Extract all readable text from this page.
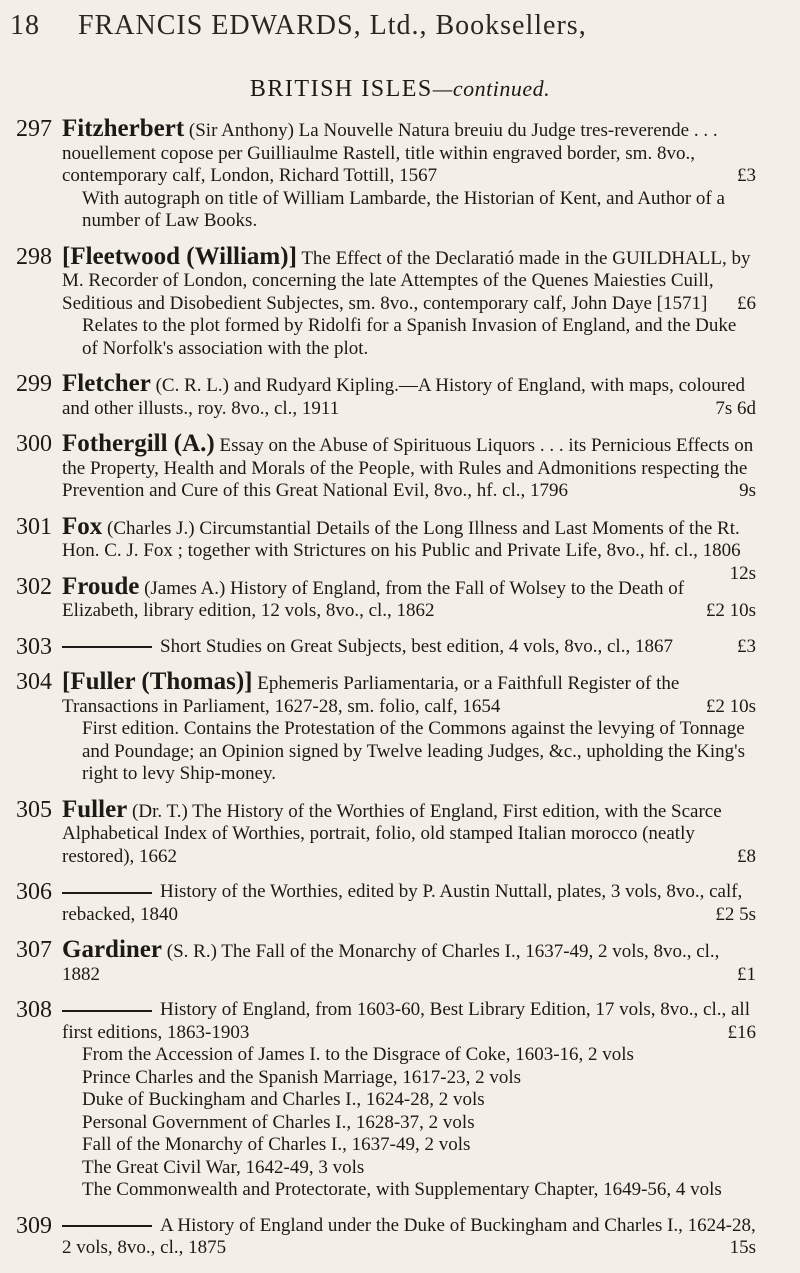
18 FRANCIS EDWARDS, Ltd., Booksellers,
BRITISH ISLES—continued.
297 Fitzherbert (Sir Anthony) La Nouvelle Natura breuiu du Judge tres-reverende . . . nouellement copose per Guilliaulme Rastell, title within engraved border, sm. 8vo., contemporary calf, London, Richard Tottill, 1567	£3
With autograph on title of William Lambarde, the Historian of Kent, and Author of a number of Law Books.
298 [Fleetwood (William)] The Effect of the Declaratió made in the GUILDHALL, by M. Recorder of London, concerning the late Attemptes of the Quenes Maiesties Cuill, Seditious and Disobedient Subjectes, sm. 8vo., contemporary calf, John Daye [1571] £6
Relates to the plot formed by Ridolfi for a Spanish Invasion of England, and the Duke of Norfolk's association with the plot.
299 Fletcher (C. R. L.) and Rudyard Kipling.—A History of England, with maps, coloured and other illusts., roy. 8vo., cl., 1911	7s 6d
300 Fothergill (A.) Essay on the Abuse of Spirituous Liquors . . . its Pernicious Effects on the Property, Health and Morals of the People, with Rules and Admonitions respecting the Prevention and Cure of this Great National Evil, 8vo., hf. cl., 1796	9s
301 Fox (Charles J.) Circumstantial Details of the Long Illness and Last Moments of the Rt. Hon. C. J. Fox ; together with Strictures on his Public and Private Life, 8vo., hf. cl., 1806
12s
302 Froude (James A.) History of England, from the Fall of Wolsey to the Death of Elizabeth, library edition, 12 vols, 8vo., cl., 1862	£2 10s
303	Short Studies on Great Subjects, best edition, 4 vols, 8vo., cl., 1867	£3
304 [Fuller (Thomas)] Ephemeris Parliamentaria, or a Faithfull Register of the Transactions in Parliament, 1627-28, sm. folio, calf, 1654	£2 10s
First edition. Contains the Protestation of the Commons against the levying of Tonnage and Poundage; an Opinion signed by Twelve leading Judges, &c., upholding the King's right to levy Ship-money.
305 Fuller (Dr. T.) The History of the Worthies of England, First edition, with the Scarce Alphabetical Index of Worthies, portrait, folio, old stamped Italian morocco (neatly restored), 1662	£8
306	History of the Worthies, edited by P. Austin Nuttall, plates, 3 vols, 8vo., calf, rebacked, 1840	£2 5s
307 Gardiner (S. R.) The Fall of the Monarchy of Charles I., 1637-49, 2 vols, 8vo., cl., 1882	£1
308	History of England, from 1603-60, Best Library Edition, 17 vols, 8vo., cl., all first editions, 1863-1903	£16
From the Accession of James I. to the Disgrace of Coke, 1603-16, 2 vols
Prince Charles and the Spanish Marriage, 1617-23, 2 vols
Duke of Buckingham and Charles I., 1624-28, 2 vols
Personal Government of Charles I., 1628-37, 2 vols
Fall of the Monarchy of Charles I., 1637-49, 2 vols
The Great Civil War, 1642-49, 3 vols
The Commonwealth and Protectorate, with Supplementary Chapter, 1649-56, 4 vols
309	A History of England under the Duke of Buckingham and Charles I., 1624-28, 2 vols, 8vo., cl., 1875	15s
